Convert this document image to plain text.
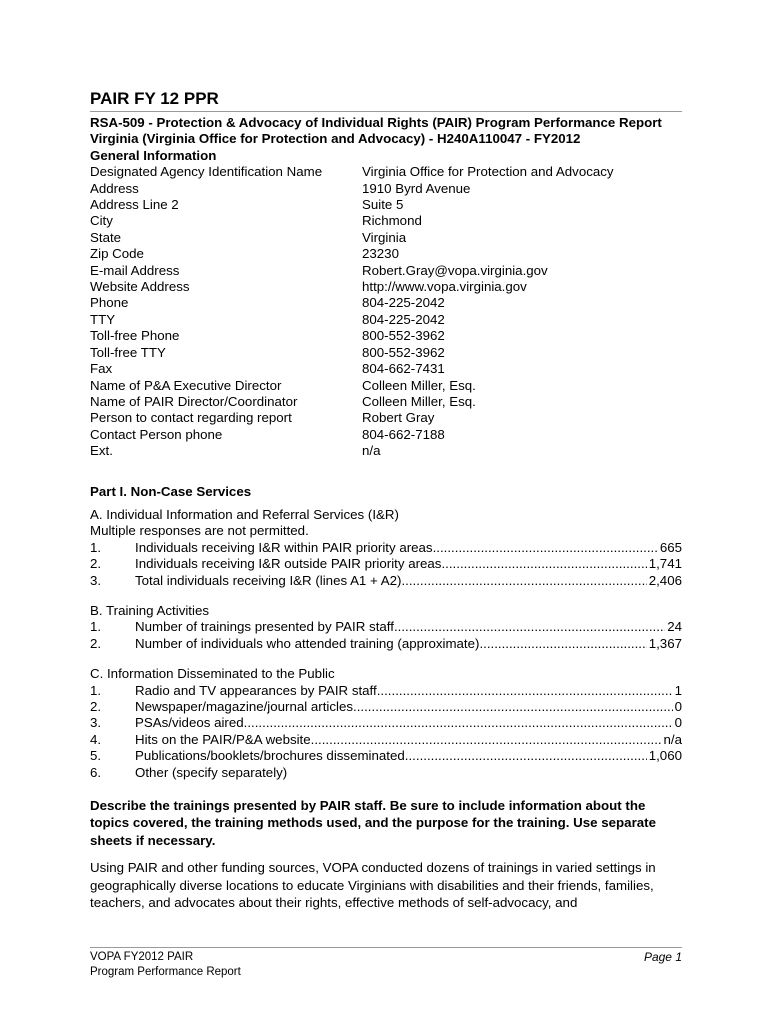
PAIR FY 12 PPR
RSA-509 - Protection & Advocacy of Individual Rights (PAIR) Program Performance Report
Virginia (Virginia Office for Protection and Advocacy) - H240A110047 - FY2012
General Information
Designated Agency Identification Name	Virginia Office for Protection and Advocacy
Address	1910 Byrd Avenue
Address Line 2	Suite 5
City	Richmond
State	Virginia
Zip Code	23230
E-mail Address	Robert.Gray@vopa.virginia.gov
Website Address	http://www.vopa.virginia.gov
Phone	804-225-2042
TTY	804-225-2042
Toll-free Phone	800-552-3962
Toll-free TTY	800-552-3962
Fax	804-662-7431
Name of P&A Executive Director	Colleen Miller, Esq.
Name of PAIR Director/Coordinator	Colleen Miller, Esq.
Person to contact regarding report	Robert Gray
Contact Person phone	804-662-7188
Ext.	n/a
Part I. Non-Case Services
A. Individual Information and Referral Services (I&R)
Multiple responses are not permitted.
1.	Individuals receiving I&R within PAIR priority areas .....	665
2.	Individuals receiving I&R outside PAIR priority areas .....	1,741
3.	Total individuals receiving I&R (lines A1 + A2) .....	2,406
B. Training Activities
1.	Number of trainings presented by PAIR staff .....	24
2.	Number of individuals who attended training (approximate) .....	1,367
C. Information Disseminated to the Public
1.	Radio and TV appearances by PAIR staff .....	1
2.	Newspaper/magazine/journal articles .....	0
3.	PSAs/videos aired .....	0
4.	Hits on the PAIR/P&A website .....	n/a
5.	Publications/booklets/brochures disseminated .....	1,060
6.	Other (specify separately)
Describe the trainings presented by PAIR staff. Be sure to include information about the topics covered, the training methods used, and the purpose for the training. Use separate sheets if necessary.
Using PAIR and other funding sources, VOPA conducted dozens of trainings in varied settings in geographically diverse locations to educate Virginians with disabilities and their friends, families, teachers, and advocates about their rights, effective methods of self-advocacy, and
VOPA FY2012 PAIR
Program Performance Report
Page 1
